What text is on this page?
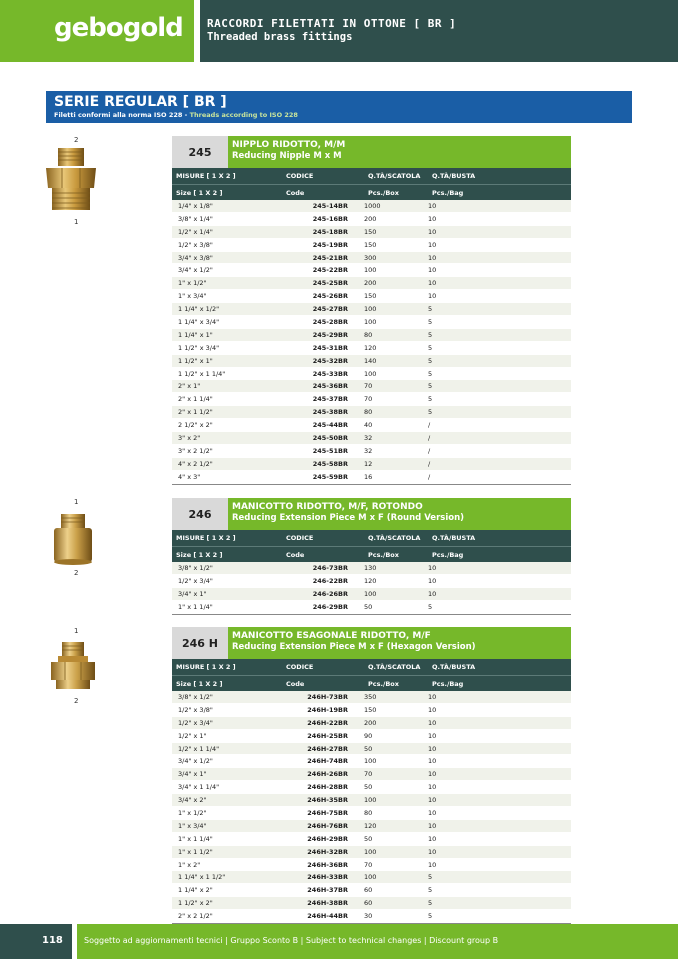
gebogold RACCORDI FILETTATI IN OTTONE [ BR ]
Threaded brass fittings
SERIE REGULAR [ BR ]
Filetti conformi alla norma ISO 228 - Threads according to ISO 228
2
1
245
NIPPLO RIDOTTO, M/M
Reducing Nipple M x M
MISURE [ 1 X 2 ]	CODICE	Q.TÀ/SCATOLA	Q.TÀ/BUSTA
Size [ 1 X 2 ]	Code	Pcs./Box	Pcs./Bag
1/4" x 1/8"	245-14BR	1000	10
3/8" x 1/4"	245-16BR	200	10
1/2" x 1/4"	245-18BR	150	10
1/2" x 3/8"	245-19BR	150	10
3/4" x 3/8"	245-21BR	300	10
3/4" x 1/2"	245-22BR	100	10
1" x 1/2"	245-25BR	200	10
1" x 3/4"	245-26BR	150	10
1 1/4" x 1/2"	245-27BR	100	5
1 1/4" x 3/4"	245-28BR	100	5
1 1/4" x 1"	245-29BR	80	5
1 1/2" x 3/4"	245-31BR	120	5
1 1/2" x 1"	245-32BR	140	5
1 1/2" x 1 1/4"	245-33BR	100	5
2" x 1"	245-36BR	70	5
2" x 1 1/4"	245-37BR	70	5
2" x 1 1/2"	245-38BR	80	5
2 1/2" x 2"	245-44BR	40	/
3" x 2"	245-50BR	32	/
3" x 2 1/2"	245-51BR	32	/
4" x 2 1/2"	245-58BR	12	/
4" x 3"	245-59BR	16	/
1
2
246
MANICOTTO RIDOTTO, M/F, ROTONDO
Reducing Extension Piece M x F (Round Version)
MISURE [ 1 X 2 ]	CODICE	Q.TÀ/SCATOLA	Q.TÀ/BUSTA
Size [ 1 X 2 ]	Code	Pcs./Box	Pcs./Bag
3/8" x 1/2"	246-73BR	130	10
1/2" x 3/4"	246-22BR	120	10
3/4" x 1"	246-26BR	100	10
1" x 1 1/4"	246-29BR	50	5
1
2
246 H
MANICOTTO ESAGONALE RIDOTTO, M/F
Reducing Extension Piece M x F (Hexagon Version)
MISURE [ 1 X 2 ]	CODICE	Q.TÀ/SCATOLA	Q.TÀ/BUSTA
Size [ 1 X 2 ]	Code	Pcs./Box	Pcs./Bag
3/8" x 1/2"	246H-73BR	350	10
1/2" x 3/8"	246H-19BR	150	10
1/2" x 3/4"	246H-22BR	200	10
1/2" x 1"	246H-25BR	90	10
1/2" x 1 1/4"	246H-27BR	50	10
3/4" x 1/2"	246H-74BR	100	10
3/4" x 1"	246H-26BR	70	10
3/4" x 1 1/4"	246H-28BR	50	10
3/4" x 2"	246H-35BR	100	10
1" x 1/2"	246H-75BR	80	10
1" x 3/4"	246H-76BR	120	10
1" x 1 1/4"	246H-29BR	50	10
1" x 1 1/2"	246H-32BR	100	10
1" x 2"	246H-36BR	70	10
1 1/4" x 1 1/2"	246H-33BR	100	5
1 1/4" x 2"	246H-37BR	60	5
1 1/2" x 2"	246H-38BR	60	5
2" x 2 1/2"	246H-44BR	30	5
118	Soggetto ad aggiornamenti tecnici | Gruppo Sconto B | Subject to technical changes | Discount group B
